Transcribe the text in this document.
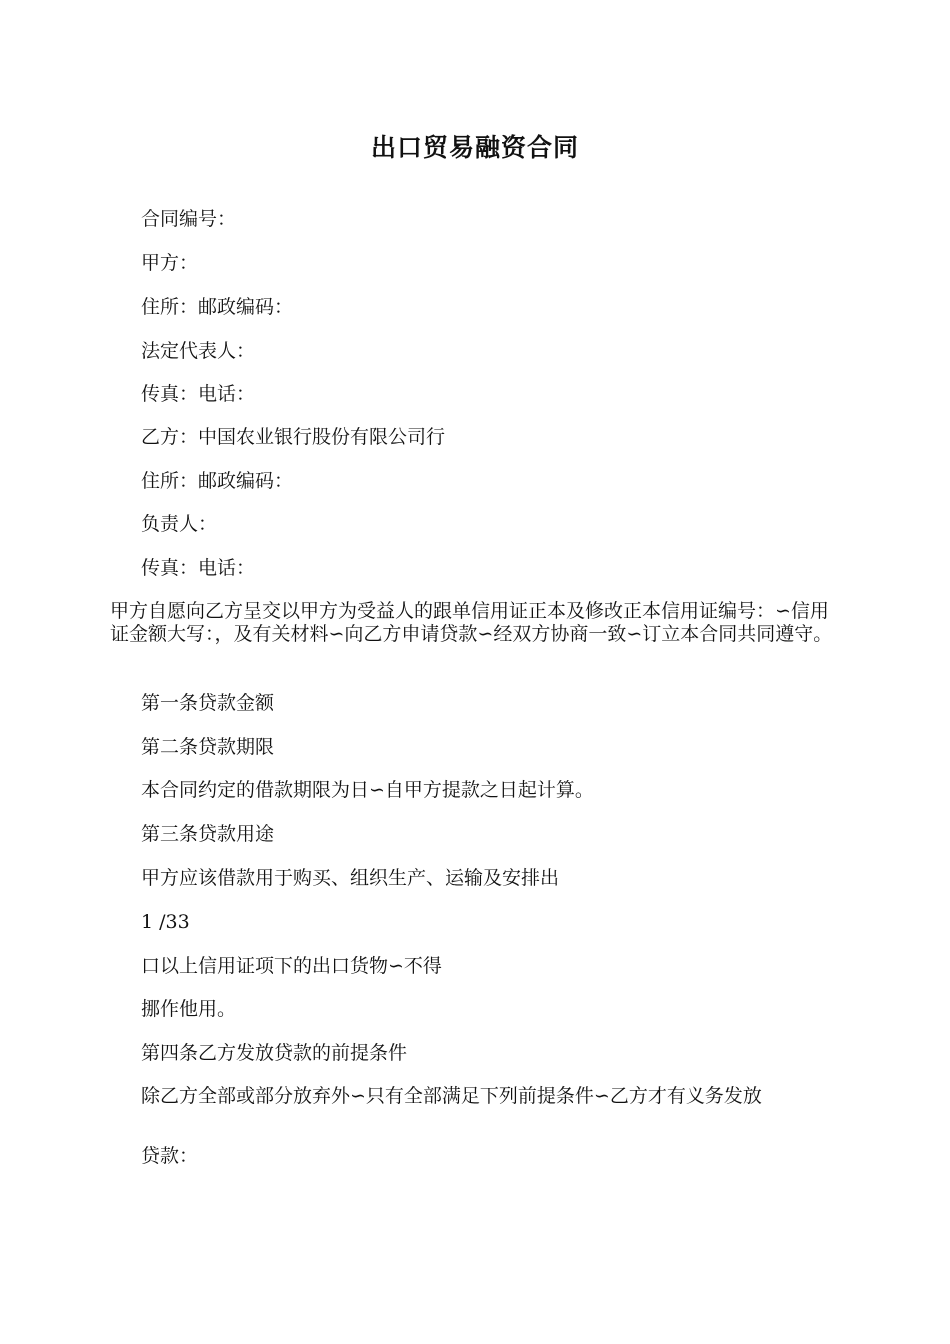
出口贸易融资合同
合同编号：
甲方：
住所：邮政编码：
法定代表人：
传真：电话：
乙方：中国农业银行股份有限公司行
住所：邮政编码：
负责人：
传真：电话：
甲方自愿向乙方呈交以甲方为受益人的跟单信用证正本及修改正本信用证编号：∽信用证金额大写：，及有关材料∽向乙方申请贷款∽经双方协商一致∽订立本合同共同遵守。
第一条贷款金额
第二条贷款期限
本合同约定的借款期限为日∽自甲方提款之日起计算。
第三条贷款用途
甲方应该借款用于购买、组织生产、运输及安排出
1 /33
口以上信用证项下的出口货物∽不得
挪作他用。
第四条乙方发放贷款的前提条件
除乙方全部或部分放弃外∽只有全部满足下列前提条件∽乙方才有义务发放
贷款：
